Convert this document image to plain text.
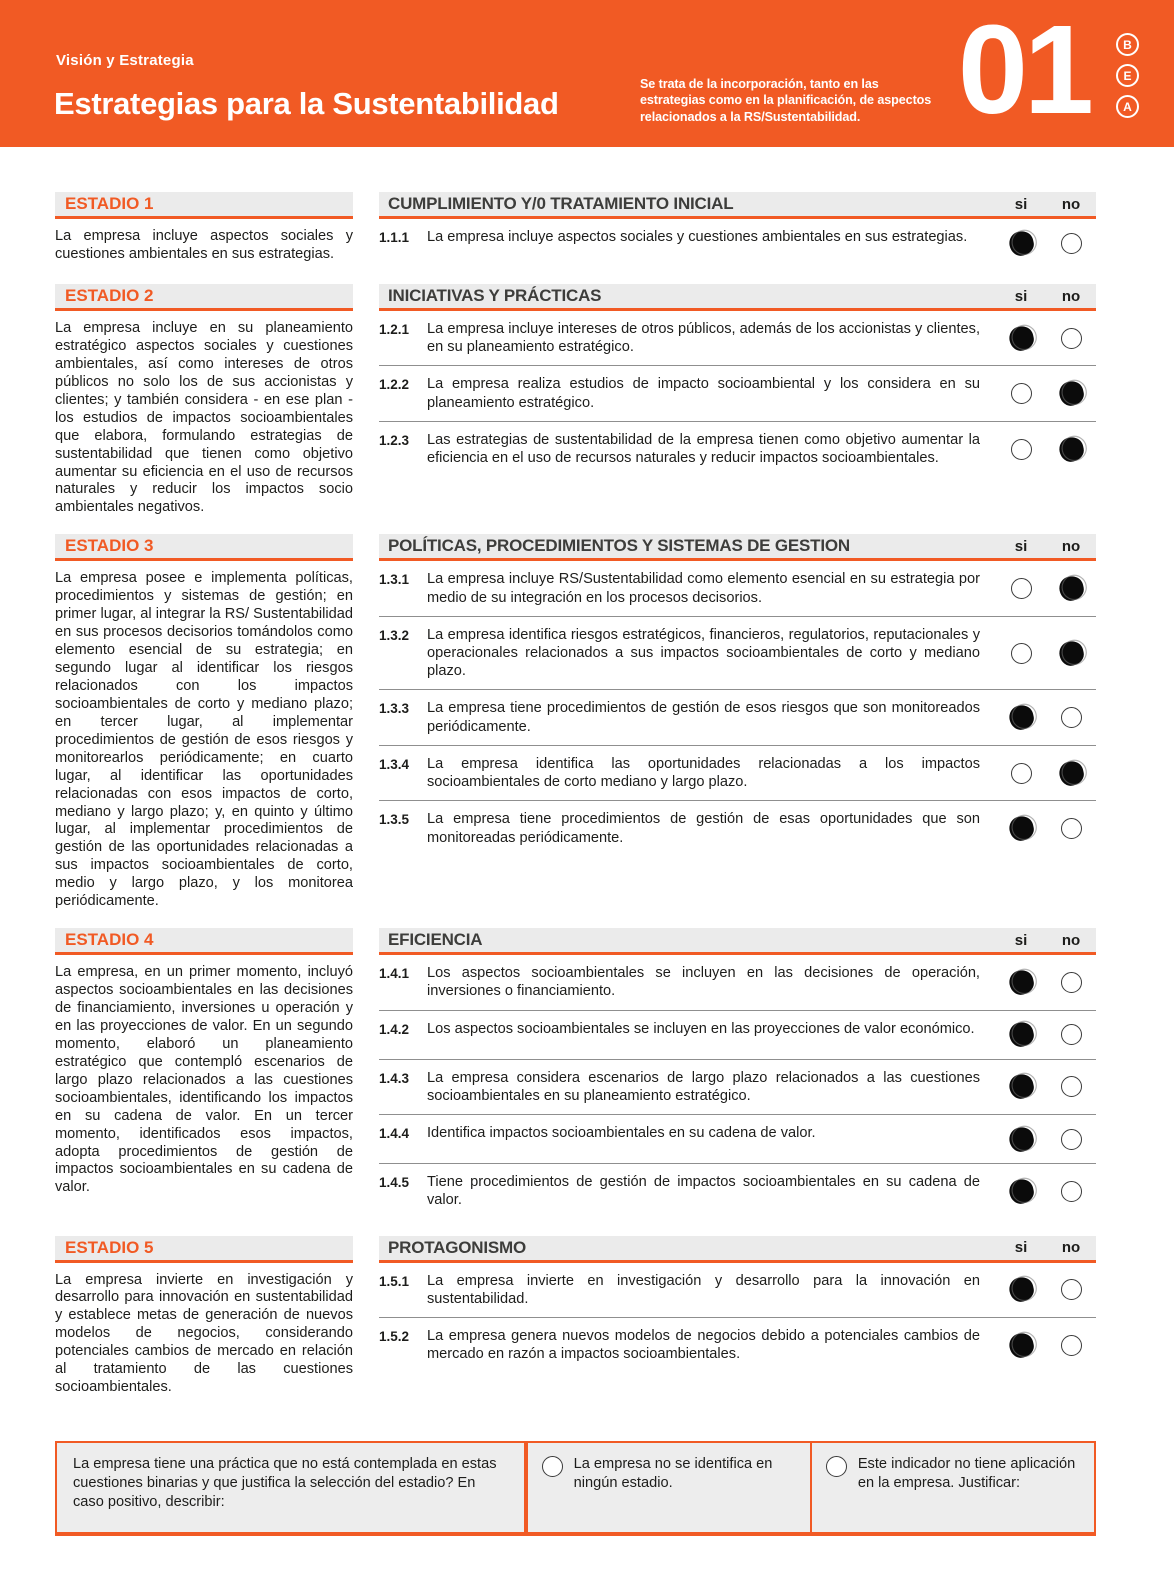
Visión y Estrategia
Estrategias para la Sustentabilidad
Se trata de la incorporación, tanto en las estrategias como en la planificación, de aspectos relacionados a la RS/Sustentabilidad. 01	B
E
A
ESTADIO 1
La empresa incluye aspectos sociales y cuestiones ambientales en sus estrategias.
CUMPLIMIENTO Y/0 TRATAMIENTO INICIAL	si	no
1.1.1	La empresa incluye aspectos sociales y cuestiones ambientales en sus estrategias.
ESTADIO 2
La empresa incluye en su planeamiento estratégico aspectos sociales y cuestiones ambientales, así como intereses de otros públicos no solo los de sus accionistas y clientes; y también considera - en ese plan - los estudios de impactos socioambientales que elabora, formulando estrategias de sustentabilidad que tienen como objetivo aumentar su eficiencia en el uso de recursos naturales y reducir los impactos socio ambientales negativos.
INICIATIVAS Y PRÁCTICAS	si	no
1.2.1	La empresa incluye intereses de otros públicos, además de los accionistas y clientes, en su planeamiento estratégico.
1.2.2	La empresa realiza estudios de impacto socioambiental y los considera en su planeamiento estratégico.
1.2.3	Las estrategias de sustentabilidad de la empresa tienen como objetivo aumentar la eficiencia en el uso de recursos naturales y reducir impactos socioambientales.
ESTADIO 3
La empresa posee e implementa políticas, procedimientos y sistemas de gestión; en primer lugar, al integrar la RS/ Sustentabilidad en sus procesos decisorios tomándolos como elemento esencial de su estrategia; en segundo lugar al identificar los riesgos relacionados con los impactos socioambientales de corto y mediano plazo; en tercer lugar, al implementar procedimientos de gestión de esos riesgos y monitorearlos periódicamente; en cuarto lugar, al identificar las oportunidades relacionadas con esos impactos de corto, mediano y largo plazo; y, en quinto y último lugar, al implementar procedimientos de gestión de las oportunidades relacionadas a sus impactos socioambientales de corto, medio y largo plazo, y los monitorea periódicamente.
POLÍTICAS, PROCEDIMIENTOS Y SISTEMAS DE GESTION	si	no
1.3.1	La empresa incluye RS/Sustentabilidad como elemento esencial en su estrategia por medio de su integración en los procesos decisorios.
1.3.2	La empresa identifica riesgos estratégicos, financieros, regulatorios, reputacionales y operacionales relacionados a sus impactos socioambientales de corto y mediano plazo.
1.3.3	La empresa tiene procedimientos de gestión de esos riesgos que son monitoreados periódicamente.
1.3.4	La empresa identifica las oportunidades relacionadas a los impactos socioambientales de corto mediano y largo plazo.
1.3.5	La empresa tiene procedimientos de gestión de esas oportunidades que son monitoreadas periódicamente.
ESTADIO 4
La empresa, en un primer momento, incluyó aspectos socioambientales en las decisiones de financiamiento, inversiones u operación y en las proyecciones de valor. En un segundo momento, elaboró un planeamiento estratégico que contempló escenarios de largo plazo relacionados a las cuestiones socioambientales, identificando los impactos en su cadena de valor. En un tercer momento, identificados esos impactos, adopta procedimientos de gestión de impactos socioambientales en su cadena de valor.
EFICIENCIA	si	no
1.4.1	Los aspectos socioambientales se incluyen en las decisiones de operación, inversiones o financiamiento.
1.4.2	Los aspectos socioambientales se incluyen en las proyecciones de valor económico.
1.4.3	La empresa considera escenarios de largo plazo relacionados a las cuestiones socioambientales en su planeamiento estratégico.
1.4.4	Identifica impactos socioambientales en su cadena de valor.
1.4.5	Tiene procedimientos de gestión de impactos socioambientales en su cadena de valor.
ESTADIO 5
La empresa invierte en investigación y desarrollo para innovación en sustentabilidad y establece metas de generación de nuevos modelos de negocios, considerando potenciales cambios de mercado en relación al tratamiento de las cuestiones socioambientales.
PROTAGONISMO	si	no
1.5.1	La empresa invierte en investigación y desarrollo para la innovación en sustentabilidad.
1.5.2	La empresa genera nuevos modelos de negocios debido a potenciales cambios de mercado en razón a impactos socioambientales.
La empresa tiene una práctica que no está contemplada en estas cuestiones binarias y que justifica la selección del estadio? En caso positivo, describir:
La empresa no se identifica en ningún estadio.
Este indicador no tiene aplicación en la empresa. Justificar:
